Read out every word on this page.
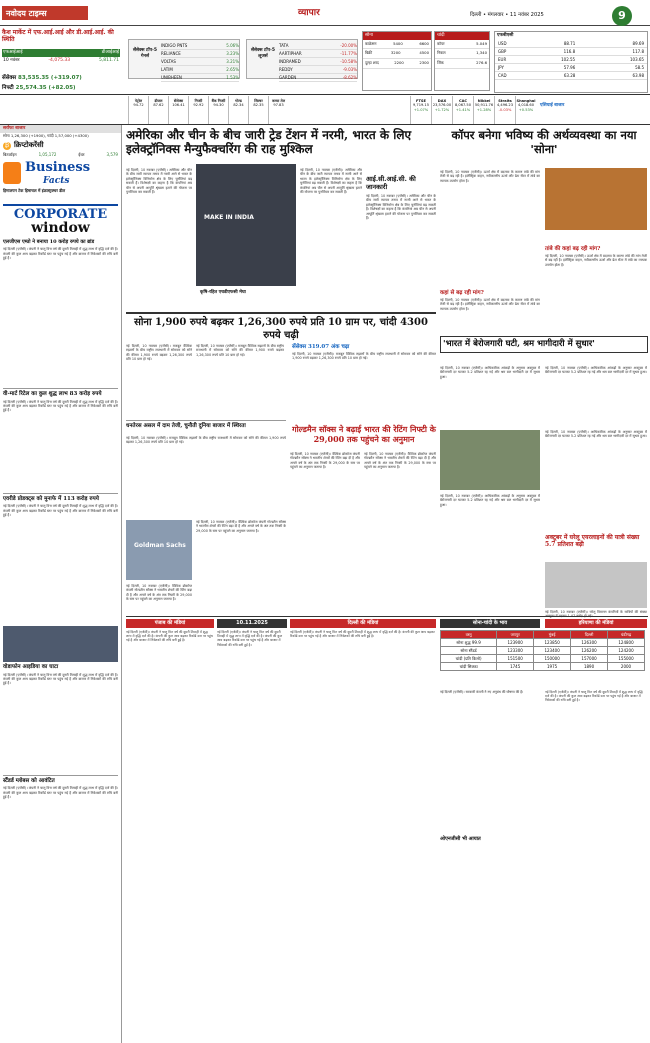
नवोदय टाइम्स	व्यापार	दिल्ली • मंगलवार • 11 नवंबर 2025	9
कैश मार्केट में एफ.आई.आई और डी.आई.आई. की स्थिति
एफआईआई	डीआईआई
10 नवंबर	-4,075.33	5,811.71
सेंसेक्स 83,535.35 (+319.07)
निफ्टी 25,574.35 (+82.05)
सेंसेक्स टॉप-5 गेनर्स
INDIGO PNTS	5.06%
RELIANCE	3.23%
VOLTAS	3.21%
LATIM	2.65%
UNIBHEEN	1.53%
सेंसेक्स टॉप-5 लूजर्स
TATA	-20.00%
AARTIPHAR	-11.77%
INDRAMED	-10.58%
REDDY	-9.03%
GARDEN	-8.62%
सोना
काफ्रेसन	5400	6600
बिक्री	3200	4500
दूल्हा शब्द	2200	2300
चांदी
कॉपर	5.049
निकल	1,340
जिंक	276.6
एफबीएसी
USD	88.71	89.69
GBP	116.8	117.8
EUR	102.55	103.65
JPY	57.96	58.5
CAD	63.28	63.98
पेट्रोल
94.72
डीजल
87.62
सेंसेक्स
106.41
निफ्टी
92.92
बैंक निफ्टी
94.30
गोल्ड
82.34
सिल्वर
82.35
कच्चा तेल
97.83
FTSE
9,719.15
+1.07%
DAX
23,576.00
+1.72%
CAC
8,067.50
+1.41%
Nikkei
50,911.76
+1.28%
Straits
4,496.23
-0.03%
Shanghai
4,018.60
+0.53%
एशियाई बाजार
सर्राफा बाजार
सोना 1,26,300 (+1900), चांदी 1,57,000 (+4300)
₿ क्रिप्टोकरेंसी
बिटकॉइन	1,05,172	ईथर	3,579
Business
Facts
हिमालयन टेक हिमाचल में इंफ्रास्ट्रक्चर डील
CORPORATE
window
एलजीएस एम्प्रो ने बनाया 10 करोड़ रुपये का ब्रांड
नई दिल्ली (एजेंसी)। कंपनी ने चालू वित्त वर्ष की दूसरी तिमाही में शुद्ध लाभ में वृद्धि दर्ज की है। कंपनी की कुल आय बढ़कर रिकॉर्ड स्तर पर पहुंच गई है और बाजार में निवेशकों की रुचि बनी हुई है।
वी-मार्ट रिटेल का कुल शुद्ध लाभ 83 करोड़ रुपये
नई दिल्ली (एजेंसी)। कंपनी ने चालू वित्त वर्ष की दूसरी तिमाही में शुद्ध लाभ में वृद्धि दर्ज की है। कंपनी की कुल आय बढ़कर रिकॉर्ड स्तर पर पहुंच गई है और बाजार में निवेशकों की रुचि बनी हुई है।
एवरीडे प्रोडक्ट्स को मुनाफे में 113 करोड़ रुपये
नई दिल्ली (एजेंसी)। कंपनी ने चालू वित्त वर्ष की दूसरी तिमाही में शुद्ध लाभ में वृद्धि दर्ज की है। कंपनी की कुल आय बढ़कर रिकॉर्ड स्तर पर पहुंच गई है और बाजार में निवेशकों की रुचि बनी हुई है।
वोडाफोन आइडिया का घाटा
नई दिल्ली (एजेंसी)। कंपनी ने चालू वित्त वर्ष की दूसरी तिमाही में शुद्ध लाभ में वृद्धि दर्ज की है। कंपनी की कुल आय बढ़कर रिकॉर्ड स्तर पर पहुंच गई है और बाजार में निवेशकों की रुचि बनी हुई है।
स्टैंडर्ड ग्लोबस को आवंटित
नई दिल्ली (एजेंसी)। कंपनी ने चालू वित्त वर्ष की दूसरी तिमाही में शुद्ध लाभ में वृद्धि दर्ज की है। कंपनी की कुल आय बढ़कर रिकॉर्ड स्तर पर पहुंच गई है और बाजार में निवेशकों की रुचि बनी हुई है।
अमेरिका और चीन के बीच जारी ट्रेड टेंशन में नरमी, भारत के लिए इलेक्ट्रॉनिक्स मैन्युफैक्चरिंग की राह मुश्किल
MAKE IN INDIA
नई दिल्ली, 10 नवम्बर (एजेंसी)। अमेरिका और चीन के बीच जारी व्यापार तनाव में नरमी आने से भारत के इलेक्ट्रॉनिक्स विनिर्माण क्षेत्र के लिए चुनौतियां बढ़ सकती हैं। विशेषज्ञों का कहना है कि कंपनियां अब चीन से अपनी आपूर्ति श्रृंखला हटाने की योजना पर पुनर्विचार कर सकती हैं।
नई दिल्ली, 10 नवम्बर (एजेंसी)। अमेरिका और चीन के बीच जारी व्यापार तनाव में नरमी आने से भारत के इलेक्ट्रॉनिक्स विनिर्माण क्षेत्र के लिए चुनौतियां बढ़ सकती हैं। विशेषज्ञों का कहना है कि कंपनियां अब चीन से अपनी आपूर्ति श्रृंखला हटाने की योजना पर पुनर्विचार कर सकती हैं।
कृषि-रहित एचडीएफसी मेघा
आई.सी.आई.सी. की जानकारी
नई दिल्ली, 10 नवम्बर (एजेंसी)। अमेरिका और चीन के बीच जारी व्यापार तनाव में नरमी आने से भारत के इलेक्ट्रॉनिक्स विनिर्माण क्षेत्र के लिए चुनौतियां बढ़ सकती हैं। विशेषज्ञों का कहना है कि कंपनियां अब चीन से अपनी आपूर्ति श्रृंखला हटाने की योजना पर पुनर्विचार कर सकती हैं।
कॉपर बनेगा भविष्य की अर्थव्यवस्था का नया 'सोना'
नई दिल्ली, 10 नवम्बर (एजेंसी)। ऊर्जा क्षेत्र में बदलाव के कारण तांबे की मांग तेजी से बढ़ रही है। इलेक्ट्रिक वाहन, नवीकरणीय ऊर्जा और डेटा सेंटर में तांबे का व्यापक उपयोग होता है।
कहां से बढ़ रही मांग?
नई दिल्ली, 10 नवम्बर (एजेंसी)। ऊर्जा क्षेत्र में बदलाव के कारण तांबे की मांग तेजी से बढ़ रही है। इलेक्ट्रिक वाहन, नवीकरणीय ऊर्जा और डेटा सेंटर में तांबे का व्यापक उपयोग होता है।
तांबे की कहां बढ़ रही मांग?
नई दिल्ली, 10 नवम्बर (एजेंसी)। ऊर्जा क्षेत्र में बदलाव के कारण तांबे की मांग तेजी से बढ़ रही है। इलेक्ट्रिक वाहन, नवीकरणीय ऊर्जा और डेटा सेंटर में तांबे का व्यापक उपयोग होता है।
सोना 1,900 रुपये बढ़कर 1,26,300 रुपये प्रति 10 ग्राम पर, चांदी 4300 रुपये चढ़ी
नई दिल्ली, 10 नवम्बर (एजेंसी)। मजबूत वैश्विक रुझानों के बीच राष्ट्रीय राजधानी में सोमवार को सोने की कीमत 1,900 रुपये बढ़कर 1,26,300 रुपये प्रति 10 ग्राम हो गई।
नई दिल्ली, 10 नवम्बर (एजेंसी)। मजबूत वैश्विक रुझानों के बीच राष्ट्रीय राजधानी में सोमवार को सोने की कीमत 1,900 रुपये बढ़कर 1,26,300 रुपये प्रति 10 ग्राम हो गई।
सेंसेक्स 319.07 अंक चढ़ा
नई दिल्ली, 10 नवम्बर (एजेंसी)। मजबूत वैश्विक रुझानों के बीच राष्ट्रीय राजधानी में सोमवार को सोने की कीमत 1,900 रुपये बढ़कर 1,26,300 रुपये प्रति 10 ग्राम हो गई।
धनतेरस असल में दाम तेजी, चुनौती दुनिया बाजार में स्थिरता
नई दिल्ली, 10 नवम्बर (एजेंसी)। मजबूत वैश्विक रुझानों के बीच राष्ट्रीय राजधानी में सोमवार को सोने की कीमत 1,900 रुपये बढ़कर 1,26,300 रुपये प्रति 10 ग्राम हो गई।
'भारत में बेरोजगारी घटी, श्रम भागीदारी में सुधार'
नई दिल्ली, 10 नवम्बर (एजेंसी)। आधिकारिक आंकड़ों के अनुसार अक्टूबर में बेरोजगारी दर घटकर 5.2 प्रतिशत रह गई और श्रम बल भागीदारी दर में सुधार हुआ।
नई दिल्ली, 10 नवम्बर (एजेंसी)। आधिकारिक आंकड़ों के अनुसार अक्टूबर में बेरोजगारी दर घटकर 5.2 प्रतिशत रह गई और श्रम बल भागीदारी दर में सुधार हुआ।
नई दिल्ली, 10 नवम्बर (एजेंसी)। आधिकारिक आंकड़ों के अनुसार अक्टूबर में बेरोजगारी दर घटकर 5.2 प्रतिशत रह गई और श्रम बल भागीदारी दर में सुधार हुआ।
गोल्डमैन सॉक्स ने बढ़ाई भारत की रेटिंग निफ्टी के 29,000 तक पहुंचने का अनुमान
Goldman Sachs
नई दिल्ली, 10 नवम्बर (एजेंसी)। वैश्विक ब्रोकरेज कंपनी गोल्डमैन सॉक्स ने भारतीय शेयरों की रेटिंग बढ़ा दी है और अगले वर्ष के अंत तक निफ्टी के 29,000 के स्तर पर पहुंचने का अनुमान जताया है।
नई दिल्ली, 10 नवम्बर (एजेंसी)। वैश्विक ब्रोकरेज कंपनी गोल्डमैन सॉक्स ने भारतीय शेयरों की रेटिंग बढ़ा दी है और अगले वर्ष के अंत तक निफ्टी के 29,000 के स्तर पर पहुंचने का अनुमान जताया है।
नई दिल्ली, 10 नवम्बर (एजेंसी)। वैश्विक ब्रोकरेज कंपनी गोल्डमैन सॉक्स ने भारतीय शेयरों की रेटिंग बढ़ा दी है और अगले वर्ष के अंत तक निफ्टी के 29,000 के स्तर पर पहुंचने का अनुमान जताया है।
नई दिल्ली, 10 नवम्बर (एजेंसी)। वैश्विक ब्रोकरेज कंपनी गोल्डमैन सॉक्स ने भारतीय शेयरों की रेटिंग बढ़ा दी है और अगले वर्ष के अंत तक निफ्टी के 29,000 के स्तर पर पहुंचने का अनुमान जताया है।
अक्टूबर में घरेलू एयरलाइनों की यात्री संख्या 5.7 प्रतिशत बढ़ी
नई दिल्ली, 10 नवम्बर (एजेंसी)। घरेलू विमानन कंपनियों के यात्रियों की संख्या
नई दिल्ली, 10 नवम्बर (एजेंसी)। आधिकारिक आंकड़ों के अनुसार अक्टूबर में बेरोजगारी दर घटकर 5.2 प्रतिशत रह गई और श्रम बल भागीदारी दर में सुधार हुआ।
पंजाब की मंडियां	10.11.2025	दिल्ली की मंडियां	सोना-चांदी के भाव	हरियाणा की मंडियां
नई दिल्ली (एजेंसी)। कंपनी ने चालू वित्त वर्ष की दूसरी तिमाही में शुद्ध लाभ में वृद्धि दर्ज की है। कंपनी की कुल आय बढ़कर रिकॉर्ड स्तर पर पहुंच गई है और बाजार में निवेशकों की रुचि बनी हुई है।
नई दिल्ली (एजेंसी)। कंपनी ने चालू वित्त वर्ष की दूसरी तिमाही में शुद्ध लाभ में वृद्धि दर्ज की है। कंपनी की कुल आय बढ़कर रिकॉर्ड स्तर पर पहुंच गई है और बाजार में निवेशकों की रुचि बनी हुई है।
नई दिल्ली (एजेंसी)। कंपनी ने चालू वित्त वर्ष की दूसरी तिमाही में शुद्ध लाभ में वृद्धि दर्ज की है। कंपनी की कुल आय बढ़कर रिकॉर्ड स्तर पर पहुंच गई है और बाजार में निवेशकों की रुचि बनी हुई है।	वस्तु	जयपुर	मुंबई	दिल्ली	चंडीगढ़
सोना शुद्ध 99.9	123900	123850	126300	124800
सोना स्टैंडर्ड	123300	123400	126200	124200
चांदी (प्रति किलो)	151500	150000	157000	155000
चांदी सिक्का	1745	1975	1890	2000
नई दिल्ली (एजेंसी)। सरकारी कंपनी ने नए अनुबंध की घोषणा की है।
ओएनजीसी भी आयात
नई दिल्ली (एजेंसी)। कंपनी ने चालू वित्त वर्ष की दूसरी तिमाही में शुद्ध लाभ में वृद्धि दर्ज की है। कंपनी की कुल आय बढ़कर रिकॉर्ड स्तर पर पहुंच गई है और बाजार में निवेशकों की रुचि बनी हुई है।
